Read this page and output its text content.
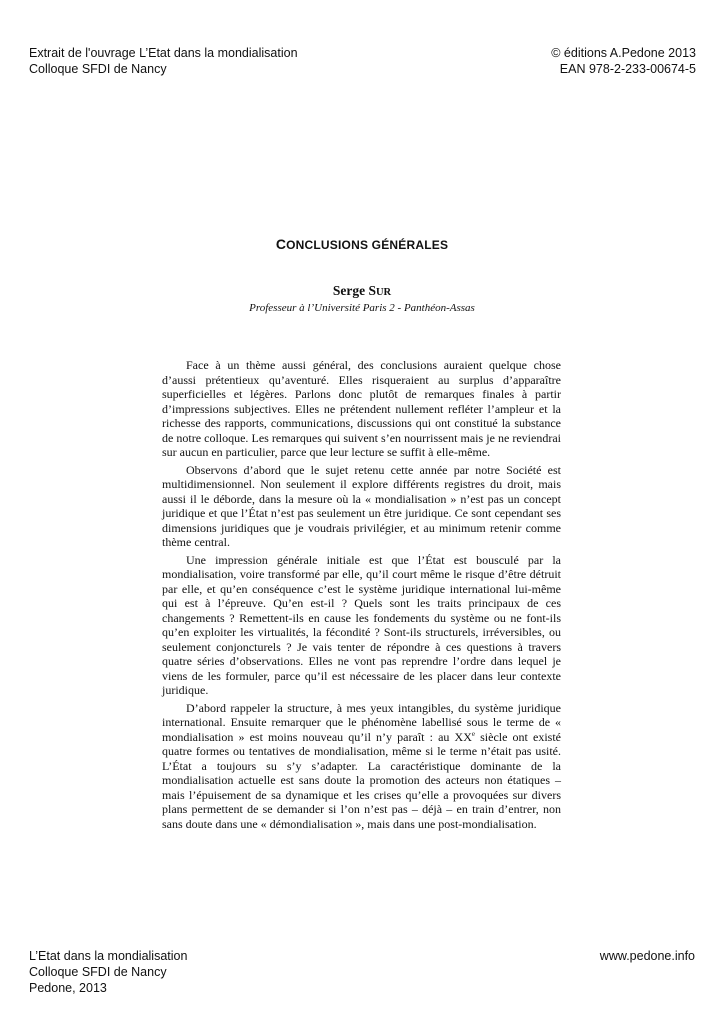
Extrait de l'ouvrage L’Etat dans la mondialisation
Colloque SFDI de Nancy
© éditions A.Pedone 2013
EAN 978-2-233-00674-5
CONCLUSIONS GÉNÉRALES
Serge SUR
Professeur à l’Université Paris 2 - Panthéon-Assas

Face à un thème aussi général, des conclusions auraient quelque chose d’aussi prétentieux qu’aventuré. Elles risqueraient au surplus d’apparaître superficielles et légères. Parlons donc plutôt de remarques finales à partir d’impressions subjectives. Elles ne prétendent nullement refléter l’ampleur et la richesse des rapports, communications, discussions qui ont constitué la substance de notre colloque. Les remarques qui suivent s’en nourrissent mais je ne reviendrai sur aucun en particulier, parce que leur lecture se suffit à elle-même.

Observons d’abord que le sujet retenu cette année par notre Société est multidimensionnel. Non seulement il explore différents registres du droit, mais aussi il le déborde, dans la mesure où la « mondialisation » n’est pas un concept juridique et que l’État n’est pas seulement un être juridique. Ce sont cependant ses dimensions juridiques que je voudrais privilégier, et au minimum retenir comme thème central.

Une impression générale initiale est que l’État est bousculé par la mondialisation, voire transformé par elle, qu’il court même le risque d’être détruit par elle, et qu’en conséquence c’est le système juridique international lui-même qui est à l’épreuve. Qu’en est-il ? Quels sont les traits principaux de ces changements ? Remettent-ils en cause les fondements du système ou ne font-ils qu’en exploiter les virtualités, la fécondité ? Sont-ils structurels, irréversibles, ou seulement conjoncturels ? Je vais tenter de répondre à ces questions à travers quatre séries d’observations. Elles ne vont pas reprendre l’ordre dans lequel je viens de les formuler, parce qu’il est nécessaire de les placer dans leur contexte juridique.

D’abord rappeler la structure, à mes yeux intangibles, du système juridique international. Ensuite remarquer que le phénomène labellisé sous le terme de « mondialisation » est moins nouveau qu’il n’y paraît : au XXe siècle ont existé quatre formes ou tentatives de mondialisation, même si le terme n’était pas usité. L’État a toujours su s’y s’adapter. La caractéristique dominante de la mondialisation actuelle est sans doute la promotion des acteurs non étatiques – mais l’épuisement de sa dynamique et les crises qu’elle a provoquées sur divers plans permettent de se demander si l’on n’est pas – déjà – en train d’entrer, non sans doute dans une « démondialisation », mais dans une post-mondialisation.

L’Etat dans la mondialisation
Colloque SFDI de Nancy
Pedone, 2013
www.pedone.info
